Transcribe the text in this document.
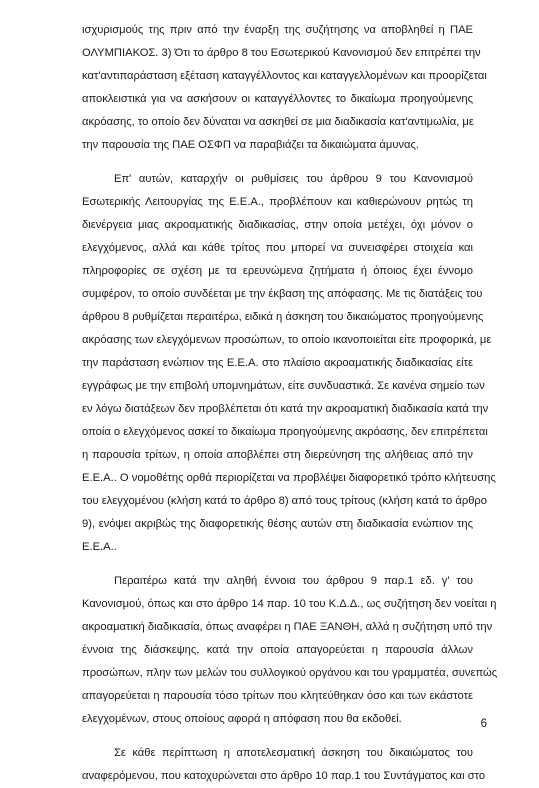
ισχυρισμούς της πριν από την έναρξη της συζήτησης να αποβληθεί η ΠΑΕ
ΟΛΥΜΠΙΑΚΟΣ. 3) Ότι το άρθρο 8 του Εσωτερικού Κανονισμού δεν επιτρέπει την
κατ'αντιπαράσταση εξέταση καταγγέλλοντος και καταγγελλομένων και προορίζεται
αποκλειστικά για να ασκήσουν οι καταγγέλλοντες το δικαίωμα προηγούμενης
ακρόασης, το οποίο δεν δύναται να ασκηθεί σε μια διαδικασία κατ'αντιμωλία, με
την παρουσία της ΠΑΕ ΟΣΦΠ να παραβιάζει τα δικαιώματα άμυνας.

Επ' αυτών, καταρχήν οι ρυθμίσεις του άρθρου 9 του Κανονισμού
Εσωτερικής Λειτουργίας της Ε.Ε.Α., προβλέπουν και καθιερώνουν ρητώς τη
διενέργεια μιας ακροαματικής διαδικασίας, στην οποία μετέχει, όχι μόνον ο
ελεγχόμενος, αλλά και κάθε τρίτος που μπορεί να συνεισφέρει στοιχεία και
πληροφορίες σε σχέση με τα ερευνώμενα ζητήματα ή όποιος έχει έννομο
συμφέρον, το οποίο συνδέεται με την έκβαση της απόφασης. Με τις διατάξεις του
άρθρου 8 ρυθμίζεται περαιτέρω, ειδικά η άσκηση του δικαιώματος προηγούμενης
ακρόασης των ελεγχόμενων προσώπων, το οποίο ικανοποιείται είτε προφορικά, με
την παράσταση ενώπιον της Ε.Ε.Α. στο πλαίσιο ακροαματικής διαδικασίας είτε
εγγράφως με την επιβολή υπομνημάτων, είτε συνδυαστικά. Σε κανένα σημείο των
εν λόγω διατάξεων δεν προβλέπεται ότι κατά την ακροαματική διαδικασία κατά την
οποία ο ελεγχόμενος ασκεί το δικαίωμα προηγούμενης ακρόασης, δεν επιτρέπεται
η παρουσία τρίτων, η οποία αποβλέπει στη διερεύνηση της αλήθειας από την
Ε.Ε.Α.. Ο νομοθέτης ορθά περιορίζεται να προβλέψει διαφορετικό τρόπο κλήτευσης
του ελεγχομένου (κλήση κατά το άρθρο 8) από τους τρίτους (κλήση κατά το άρθρο
9), ενόψει ακριβώς της διαφορετικής θέσης αυτών στη διαδικασία ενώπιον της
Ε.Ε.Α..

Περαιτέρω κατά την αληθή έννοια του άρθρου 9 παρ.1 εδ. γ' του
Κανονισμού, όπως και στο άρθρο 14 παρ. 10 του Κ.Δ.Δ., ως συζήτηση δεν νοείται η
ακροαματική διαδικασία, όπως αναφέρει η ΠΑΕ ΞΑΝΘΗ, αλλά η συζήτηση υπό την
έννοια της διάσκεψης, κατά την οποία απαγορεύεται η παρουσία άλλων
προσώπων, πλην των μελών του συλλογικού οργάνου και του γραμματέα, συνεπώς
απαγορεύεται η παρουσία τόσο τρίτων που κλητεύθηκαν όσο και των εκάστοτε
ελεγχομένων, στους οποίους αφορά η απόφαση που θα εκδοθεί.

Σε κάθε περίπτωση η αποτελεσματική άσκηση του δικαιώματος του
αναφερόμενου, που κατοχυρώνεται στο άρθρο 10 παρ.1 του Συντάγματος και στο

6
